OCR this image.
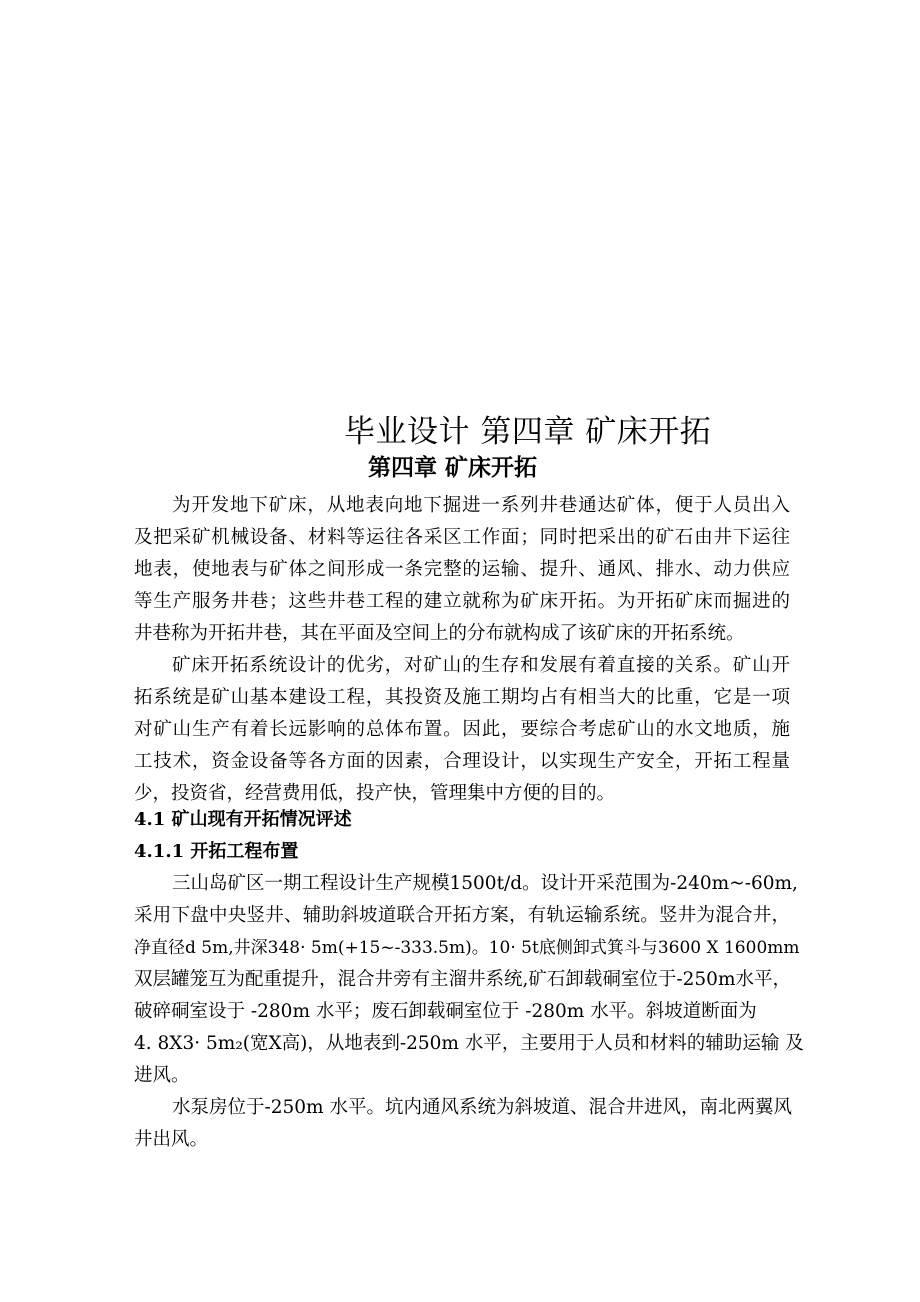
毕业设计 第四章 矿床开拓
第四章 矿床开拓
为开发地下矿床，从地表向地下掘进一系列井巷通达矿体，便于人员出入
及把采矿机械设备、材料等运往各采区工作面；同时把采出的矿石由井下运往
地表，使地表与矿体之间形成一条完整的运输、提升、通风、排水、动力供应
等生产服务井巷；这些井巷工程的建立就称为矿床开拓。为开拓矿床而掘进的
井巷称为开拓井巷，其在平面及空间上的分布就构成了该矿床的开拓系统。
矿床开拓系统设计的优劣，对矿山的生存和发展有着直接的关系。矿山开
拓系统是矿山基本建设工程，其投资及施工期均占有相当大的比重，它是一项
对矿山生产有着长远影响的总体布置。因此，要综合考虑矿山的水文地质，施
工技术，资金设备等各方面的因素，合理设计，以实现生产安全，开拓工程量
少，投资省，经营费用低，投产快，管理集中方便的目的。
4.1 矿山现有开拓情况评述
4.1.1 开拓工程布置
三山岛矿区一期工程设计生产规模1500t/d。设计开采范围为-240m~-60m,
采用下盘中央竖井、辅助斜坡道联合开拓方案，有轨运输系统。竖井为混合井，
净直径d 5m,井深348· 5m(+15~-333.5m)。10· 5t底侧卸式箕斗与3600 X 1600mm
双层罐笼互为配重提升，混合井旁有主溜井系统,矿石卸载硐室位于-250m水平，
破碎硐室设于 -280m 水平；废石卸载硐室位于 -280m 水平。斜坡道断面为
4. 8X3· 5m₂(宽X高)，从地表到-250m 水平，主要用于人员和材料的辅助运输 及
进风。
水泵房位于-250m 水平。坑内通风系统为斜坡道、混合井进风，南北两翼风
井出风。
